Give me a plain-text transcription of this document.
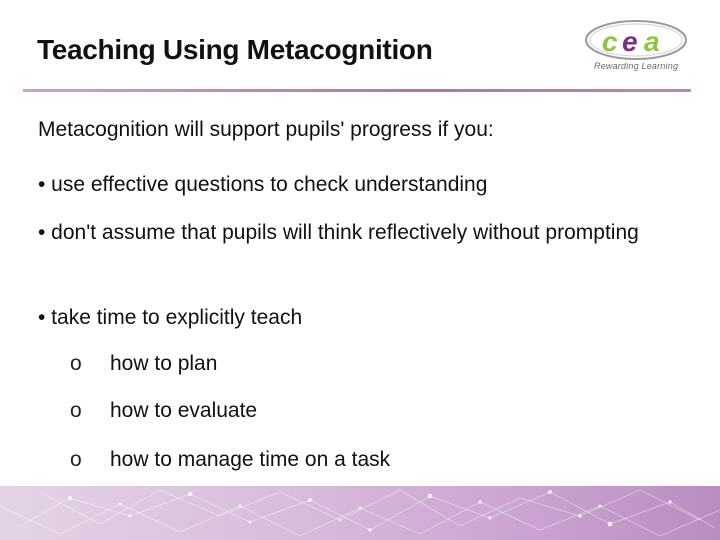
Teaching Using Metacognition	c e a
Rewarding Learning
Metacognition will support pupils' progress if you:
• use effective questions to check understanding
• don't assume that pupils will think reflectively without prompting
• take time to explicitly teach
o how to plan
o how to evaluate
o how to manage time on a task
